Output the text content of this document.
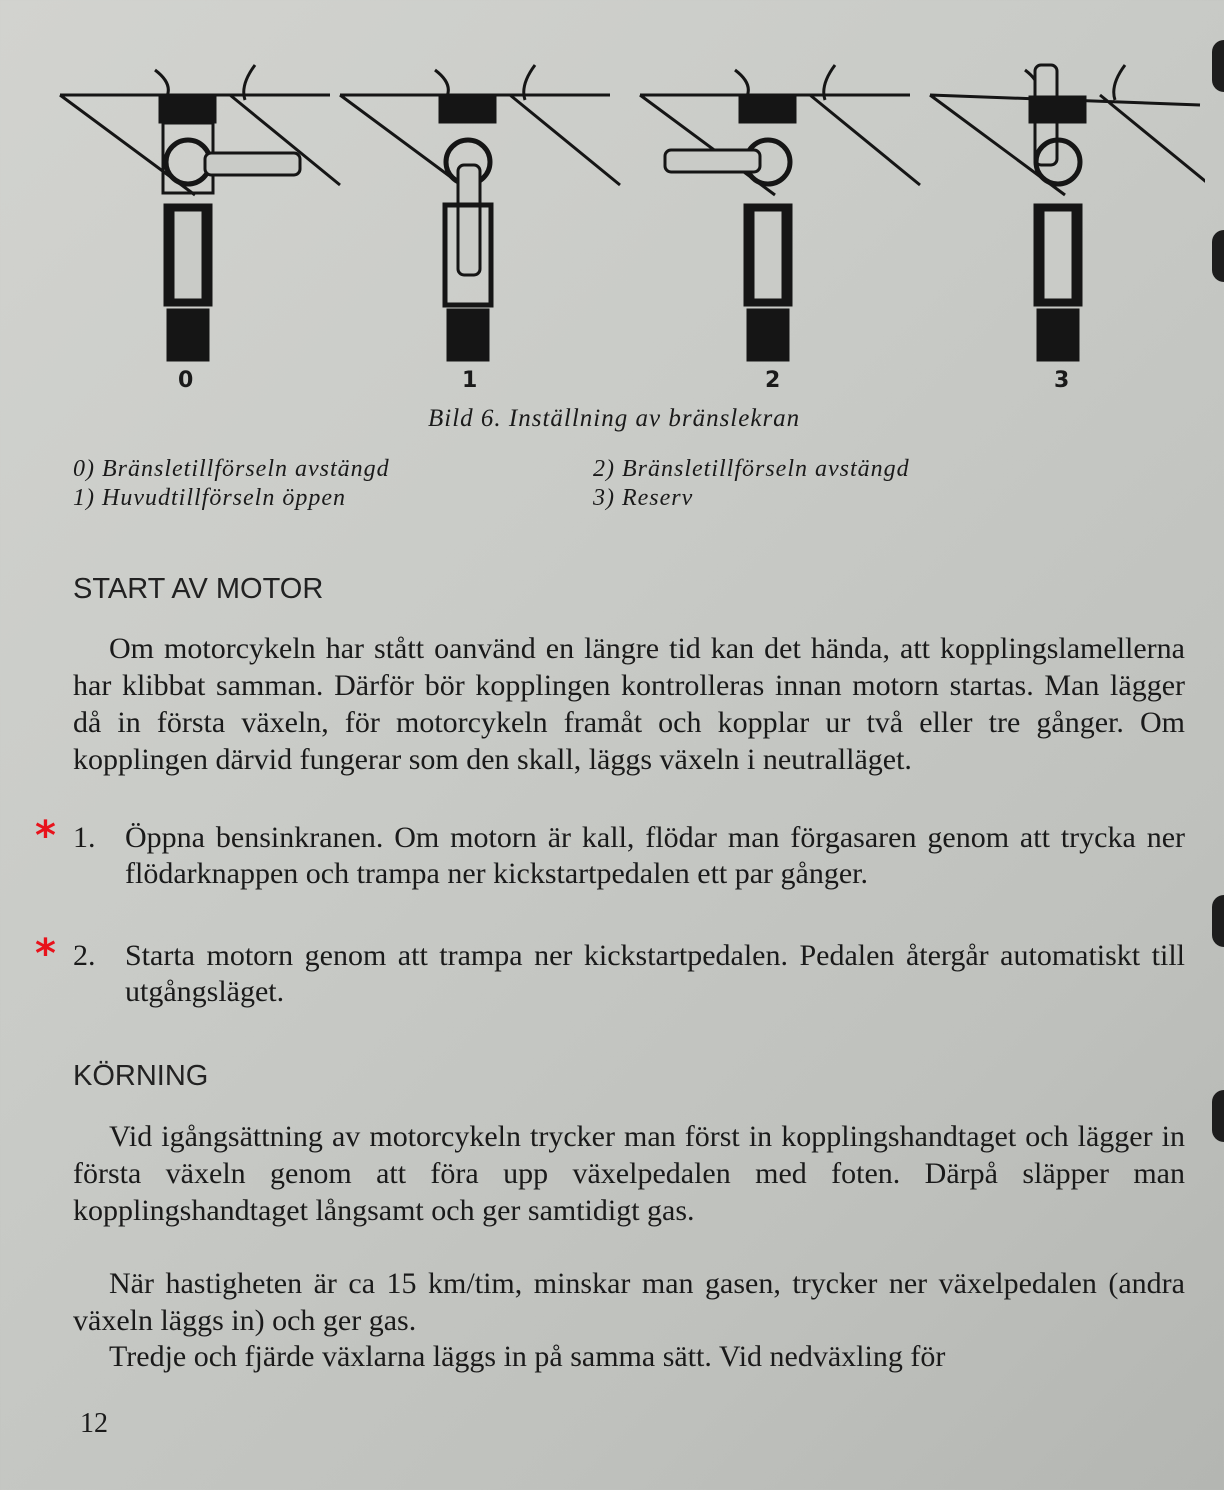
0	1	2	3
Bild 6. Inställning av bränslekran
0) Bränsletillförseln avstängd
1) Huvudtillförseln öppen
2) Bränsletillförseln avstängd
3) Reserv
START AV MOTOR
Om motorcykeln har stått oanvänd en längre tid kan det hända, att kopplingslamellerna har klibbat samman. Därför bör kopplingen kontrolleras innan motorn startas. Man lägger då in första växeln, för motorcykeln framåt och kopplar ur två eller tre gånger. Om kopplingen därvid fungerar som den skall, läggs växeln i neutralläget.
* 1. Öppna bensinkranen. Om motorn är kall, flödar man förgasaren genom att trycka ner flödarknappen och trampa ner kickstartpedalen ett par gånger.
* 2. Starta motorn genom att trampa ner kickstartpedalen. Pedalen återgår automatiskt till utgångsläget.
KÖRNING
Vid igångsättning av motorcykeln trycker man först in kopplingshandtaget och lägger in första växeln genom att föra upp växelpedalen med foten. Därpå släpper man kopplingshandtaget långsamt och ger samtidigt gas.
När hastigheten är ca 15 km/tim, minskar man gasen, trycker ner växelpedalen (andra växeln läggs in) och ger gas.
Tredje och fjärde växlarna läggs in på samma sätt. Vid nedväxling för
12
